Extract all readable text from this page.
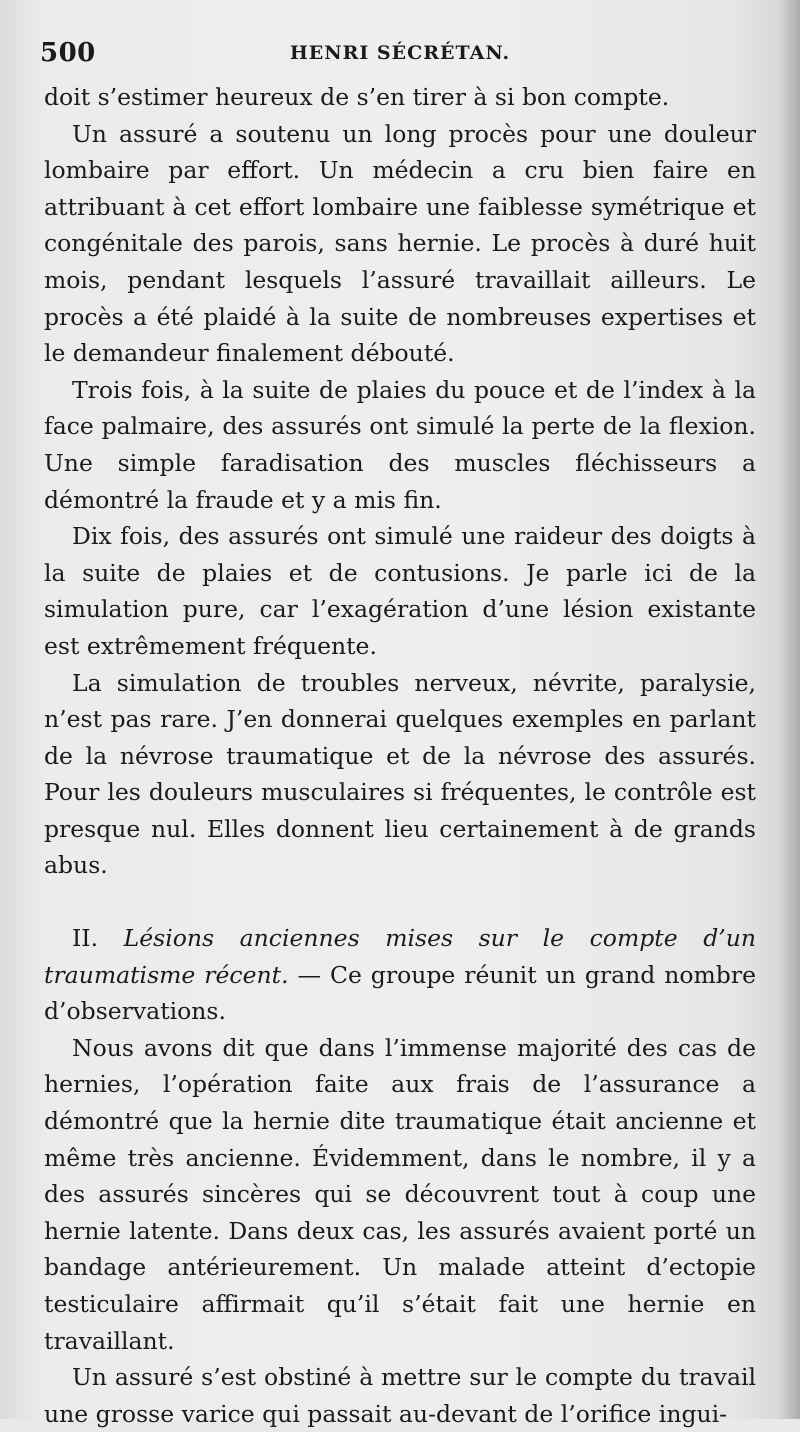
500	HENRI SÉCRÉTAN.

doit s’estimer heureux de s’en tirer à si bon compte.

Un assuré a soutenu un long procès pour une douleur lombaire par effort. Un médecin a cru bien faire en attribuant à cet effort lombaire une faiblesse symétrique et congénitale des parois, sans hernie. Le procès à duré huit mois, pendant lesquels l’assuré travaillait ailleurs. Le procès a été plaidé à la suite de nombreuses expertises et le demandeur finalement débouté.

Trois fois, à la suite de plaies du pouce et de l’index à la face palmaire, des assurés ont simulé la perte de la flexion. Une simple faradisation des muscles fléchisseurs a démontré la fraude et y a mis fin.

Dix fois, des assurés ont simulé une raideur des doigts à la suite de plaies et de contusions. Je parle ici de la simulation pure, car l’exagération d’une lésion existante est extrêmement fréquente.

La simulation de troubles nerveux, névrite, paralysie, n’est pas rare. J’en donnerai quelques exemples en parlant de la névrose traumatique et de la névrose des assurés. Pour les douleurs musculaires si fréquentes, le contrôle est presque nul. Elles donnent lieu certainement à de grands abus.

II. Lésions anciennes mises sur le compte d’un traumatisme récent. — Ce groupe réunit un grand nombre d’observations.

Nous avons dit que dans l’immense majorité des cas de hernies, l’opération faite aux frais de l’assurance a démontré que la hernie dite traumatique était ancienne et même très ancienne. Évidemment, dans le nombre, il y a des assurés sincères qui se découvrent tout à coup une hernie latente. Dans deux cas, les assurés avaient porté un bandage antérieurement. Un malade atteint d’ectopie testiculaire affirmait qu’il s’était fait une hernie en travaillant.

Un assuré s’est obstiné à mettre sur le compte du travail une grosse varice qui passait au-devant de l’orifice ingui-
